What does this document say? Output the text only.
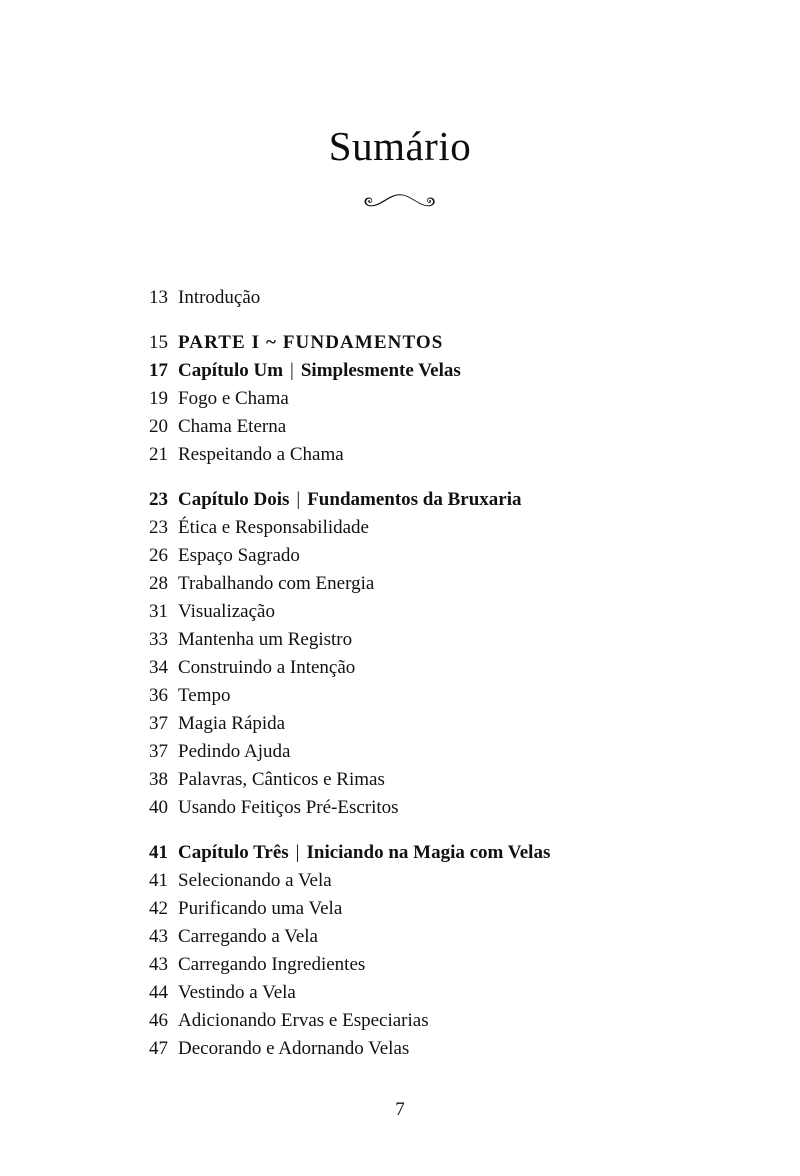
Sumário
13 Introdução
15 PARTE I ~ FUNDAMENTOS
17 Capítulo Um | Simplesmente Velas
19 Fogo e Chama
20 Chama Eterna
21 Respeitando a Chama
23 Capítulo Dois | Fundamentos da Bruxaria
23 Ética e Responsabilidade
26 Espaço Sagrado
28 Trabalhando com Energia
31 Visualização
33 Mantenha um Registro
34 Construindo a Intenção
36 Tempo
37 Magia Rápida
37 Pedindo Ajuda
38 Palavras, Cânticos e Rimas
40 Usando Feitiços Pré-Escritos
41 Capítulo Três | Iniciando na Magia com Velas
41 Selecionando a Vela
42 Purificando uma Vela
43 Carregando a Vela
43 Carregando Ingredientes
44 Vestindo a Vela
46 Adicionando Ervas e Especiarias
47 Decorando e Adornando Velas
7
